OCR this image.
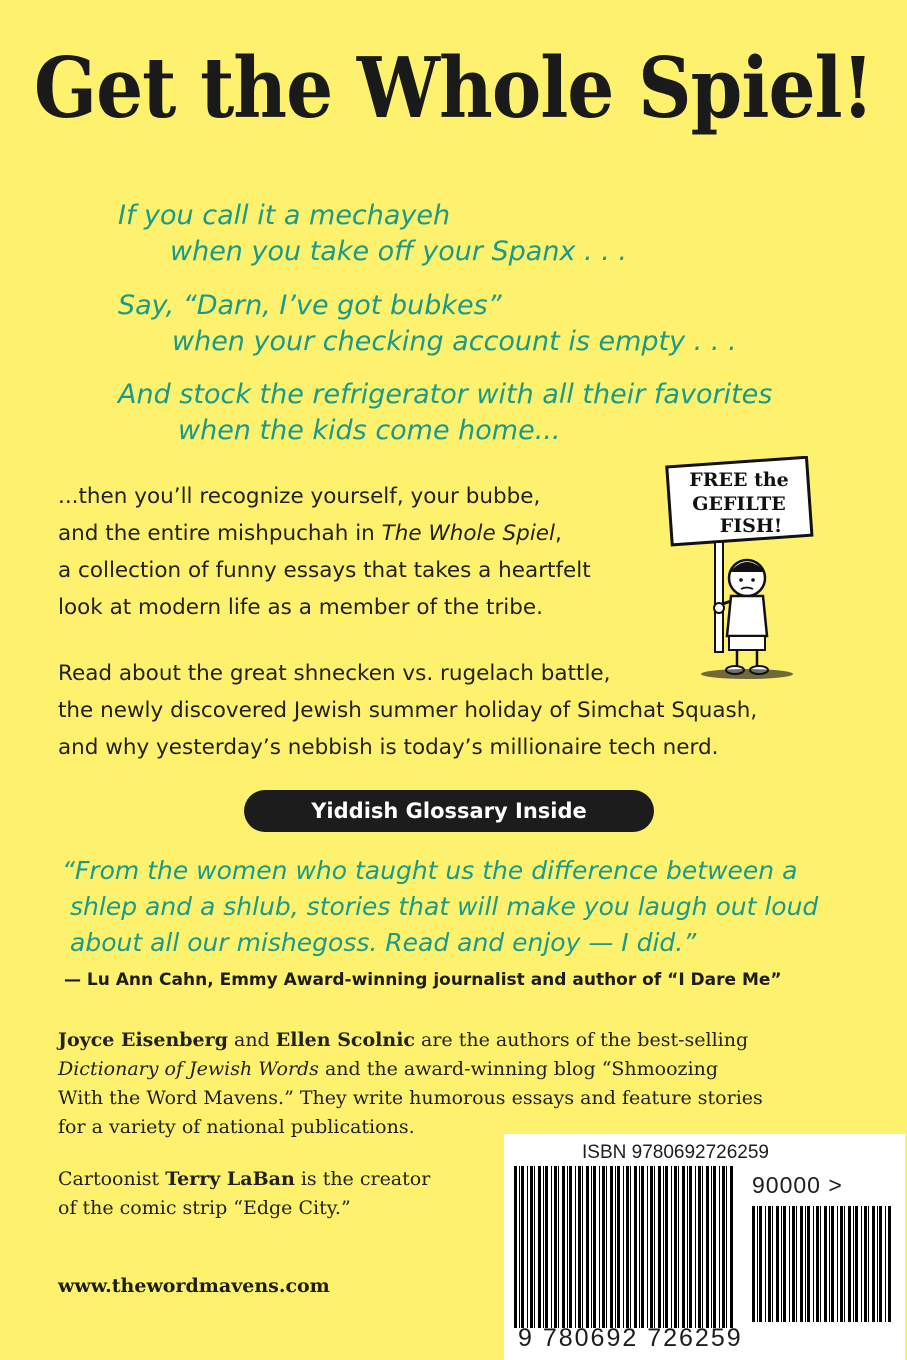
Get the Whole Spiel!
If you call it a mechayeh
when you take off your Spanx . . .
Say, “Darn, I’ve got bubkes”
when your checking account is empty . . .
And stock the refrigerator with all their favorites
when the kids come home...
FREE the
GEFILTE
FISH!
...then you’ll recognize yourself, your bubbe,
and the entire mishpuchah in The Whole Spiel,
a collection of funny essays that takes a heartfelt
look at modern life as a member of the tribe.
Read about the great shnecken vs. rugelach battle,
the newly discovered Jewish summer holiday of Simchat Squash,
and why yesterday’s nebbish is today’s millionaire tech nerd.
Yiddish Glossary Inside
“From the women who taught us the difference between a
shlep and a shlub, stories that will make you laugh out loud
about all our mishegoss. Read and enjoy — I did.”
— Lu Ann Cahn, Emmy Award-winning journalist and author of “I Dare Me”
Joyce Eisenberg and Ellen Scolnic are the authors of the best-selling
Dictionary of Jewish Words and the award-winning blog “Shmoozing
With the Word Mavens.” They write humorous essays and feature stories
for a variety of national publications.
Cartoonist Terry LaBan is the creator
of the comic strip “Edge City.”
www.thewordmavens.com
ISBN 9780692726259
90000 >
9 780692 726259
